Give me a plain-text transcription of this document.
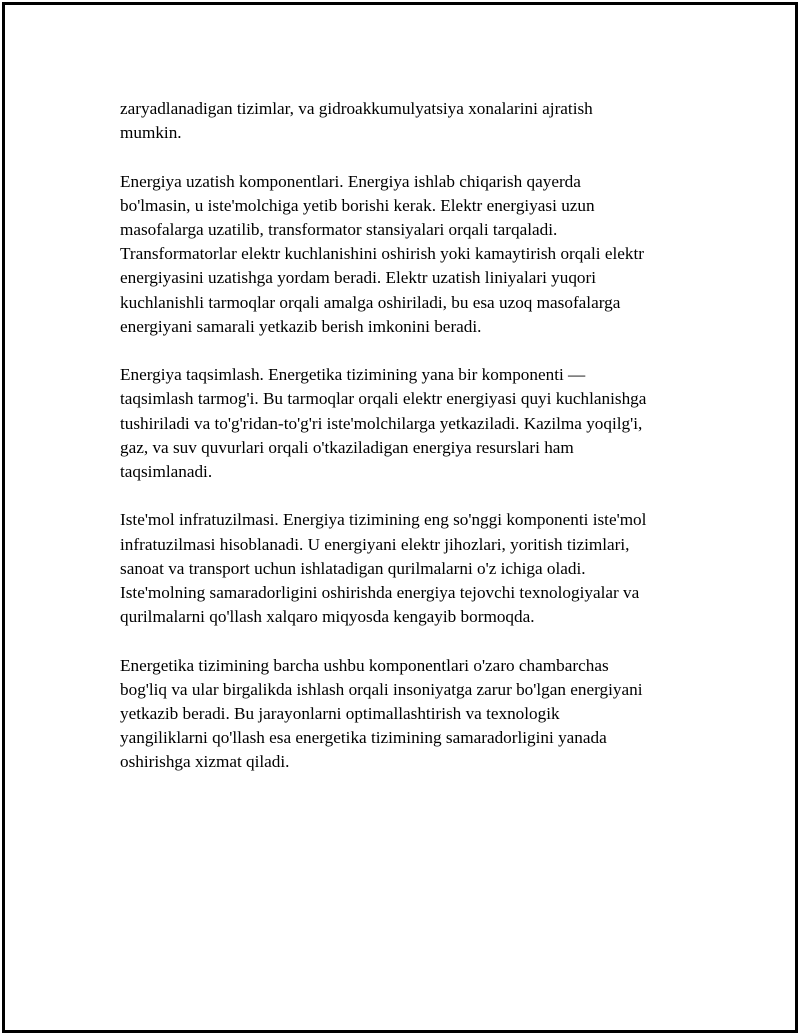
zaryadlanadigan tizimlar, va gidroakkumulyatsiya xonalarini ajratish
mumkin.

Energiya uzatish komponentlari. Energiya ishlab chiqarish qayerda
bo'lmasin, u iste'molchiga yetib borishi kerak. Elektr energiyasi uzun
masofalarga uzatilib, transformator stansiyalari orqali tarqaladi.
Transformatorlar elektr kuchlanishini oshirish yoki kamaytirish orqali elektr
energiyasini uzatishga yordam beradi. Elektr uzatish liniyalari yuqori
kuchlanishli tarmoqlar orqali amalga oshiriladi, bu esa uzoq masofalarga
energiyani samarali yetkazib berish imkonini beradi.

Energiya taqsimlash. Energetika tizimining yana bir komponenti —
taqsimlash tarmog'i. Bu tarmoqlar orqali elektr energiyasi quyi kuchlanishga
tushiriladi va to'g'ridan-to'g'ri iste'molchilarga yetkaziladi. Kazilma yoqilg'i,
gaz, va suv quvurlari orqali o'tkaziladigan energiya resurslari ham
taqsimlanadi.

Iste'mol infratuzilmasi. Energiya tizimining eng so'nggi komponenti iste'mol
infratuzilmasi hisoblanadi. U energiyani elektr jihozlari, yoritish tizimlari,
sanoat va transport uchun ishlatadigan qurilmalarni o'z ichiga oladi.
Iste'molning samaradorligini oshirishda energiya tejovchi texnologiyalar va
qurilmalarni qo'llash xalqaro miqyosda kengayib bormoqda.

Energetika tizimining barcha ushbu komponentlari o'zaro chambarchas
bog'liq va ular birgalikda ishlash orqali insoniyatga zarur bo'lgan energiyani
yetkazib beradi. Bu jarayonlarni optimallashtirish va texnologik
yangiliklarni qo'llash esa energetika tizimining samaradorligini yanada
oshirishga xizmat qiladi.
